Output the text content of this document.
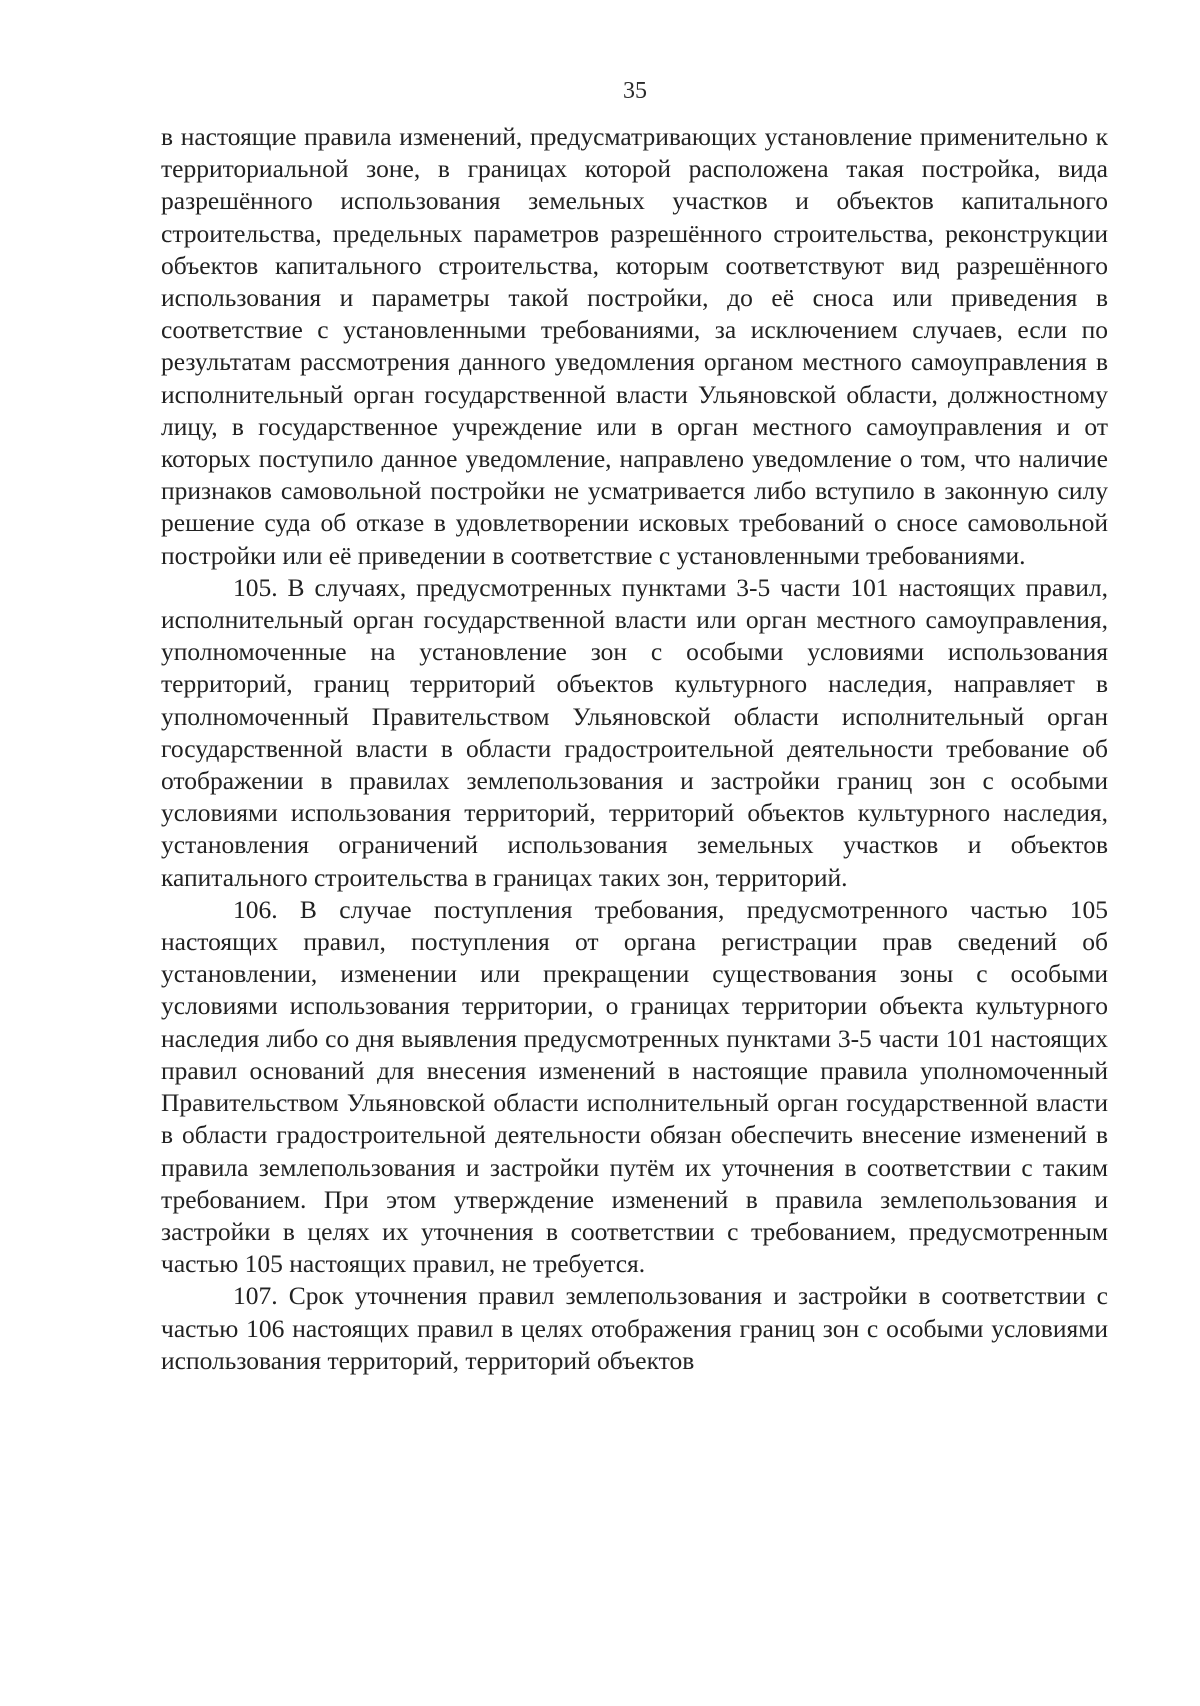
35

в настоящие правила изменений, предусматривающих установление применительно к территориальной зоне, в границах которой расположена такая постройка, вида разрешённого использования земельных участков и объектов капитального строительства, предельных параметров разрешённого строительства, реконструкции объектов капитального строительства, которым соответствуют вид разрешённого использования и параметры такой постройки, до её сноса или приведения в соответствие с установленными требованиями, за исключением случаев, если по результатам рассмотрения данного уведомления органом местного самоуправления в исполнительный орган государственной власти Ульяновской области, должностному лицу, в государственное учреждение или в орган местного самоуправления и от которых поступило данное уведомление, направлено уведомление о том, что наличие признаков самовольной постройки не усматривается либо вступило в законную силу решение суда об отказе в удовлетворении исковых требований о сносе самовольной постройки или её приведении в соответствие с установленными требованиями.

105. В случаях, предусмотренных пунктами 3-5 части 101 настоящих правил, исполнительный орган государственной власти или орган местного самоуправления, уполномоченные на установление зон с особыми условиями использования территорий, границ территорий объектов культурного наследия, направляет в уполномоченный Правительством Ульяновской области исполнительный орган государственной власти в области градостроительной деятельности требование об отображении в правилах землепользования и застройки границ зон с особыми условиями использования территорий, территорий объектов культурного наследия, установления ограничений использования земельных участков и объектов капитального строительства в границах таких зон, территорий.

106. В случае поступления требования, предусмотренного частью 105 настоящих правил, поступления от органа регистрации прав сведений об установлении, изменении или прекращении существования зоны с особыми условиями использования территории, о границах территории объекта культурного наследия либо со дня выявления предусмотренных пунктами 3-5 части 101 настоящих правил оснований для внесения изменений в настоящие правила уполномоченный Правительством Ульяновской области исполнительный орган государственной власти в области градостроительной деятельности обязан обеспечить внесение изменений в правила землепользования и застройки путём их уточнения в соответствии с таким требованием. При этом утверждение изменений в правила землепользования и застройки в целях их уточнения в соответствии с требованием, предусмотренным частью 105 настоящих правил, не требуется.

107. Срок уточнения правил землепользования и застройки в соответствии с частью 106 настоящих правил в целях отображения границ зон с особыми условиями использования территорий, территорий объектов
